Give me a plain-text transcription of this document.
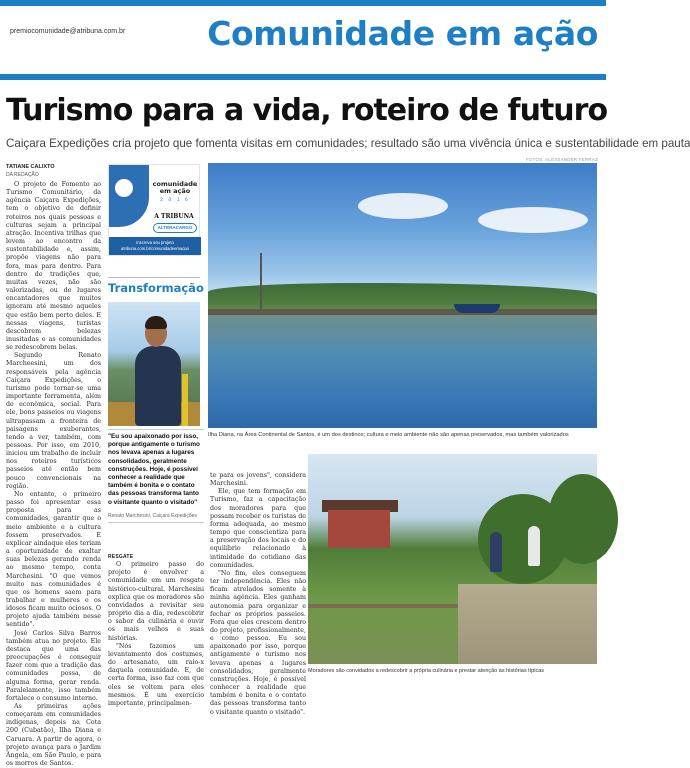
premiocomunidade@atribuna.com.br Comunidade em ação
Turismo para a vida, roteiro de futuro
Caiçara Expedições cria projeto que fomenta visitas em comunidades; resultado são uma vivência única e sustentabilidade em pauta
FOTOS: ALEXSANDER FERRAZ
TATIANE CALIXTO
DA REDAÇÃO

O projeto de Fomento ao Turismo Comunitário, da agência Caiçara Expedições, tem o objetivo de definir roteiros nos quais pessoas e culturas sejam a principal atração. Incentiva trilhas que levem ao encontro da sustentabilidade e, assim, propõe viagens não para fora, mas para dentro. Para dentro de tradições que, muitas vezes, não são valorizadas, ou de lugares encantadores que muitos ignoram até mesmo aqueles que estão bem perto deles. E nessas viagens, turistas descobrem belezas inusitadas e as comunidades se redescobrem belas.

Segundo Renato Marcheesini, um dos responsáveis pela agência Caiçara Expedições, o turismo pode tornar-se uma importante ferramenta, além de econômica, social. Para ele, bons passeios ou viagens ultrapassam a fronteira de paisagens exuberantes, tendo a ver, também, com pessoas. Por isso, em 2010, iniciou um trabalho de incluir nos roteiros turísticos passeios até então bem pouco convencionais na região.

No entanto, o primeiro passo foi apresentar essa proposta para as comunidades, garantir que o meio ambiente e a cultura fossem preservados. E explicar aindaque eles teriam a oportunidade de exaltar suas belezas gerando renda ao mesmo tempo, conta Marchesini. "O que vemos muito nas comunidades é que os homens saem para trabalhar e mulheres e os idosos ficam muito ociosos. O projeto ajuda também nesse sentido".

José Carlos Silva Barros também atua no projeto. Ele destaca que uma das preocupações é conseguir fazer com que a tradição das comunidades possa, de alguma forma, gerar renda. Paralelamente, isso também fortalece o consumo interno.

As primeiras ações começaram em comunidades indígenas, depois na Cota 200 (Cubatão), Ilha Diana e Caruara. A partir de agora, o projeto avança para o Jardim Ângela, em São Paulo, e para os morros de Santos.

comunidade em ação
2 0 1 6
A TRIBUNA
ALTERACARGO
Inscreva seu projeto atribuna.com.br/comunidadeemacao
Transformação
"Eu sou apaixonado por isso, porque antigamente o turismo nos levava apenas a lugares consolidados, geralmente construções. Hoje, é possível conhecer a realidade que também é bonita e o contato das pessoas transforma tanto o visitante quanto o visitado"
Renato Marchesini, Caiçara Expedições

RESGATE

O primeiro passo do projeto é envolver a comunidade em um resgate histórico-cultural. Marchesini explica que os moradores são convidados a revisitar seu próprio dia a dia, redescobrir o sabor da culinária e ouvir os mais velhos e suas histórias.

"Nós fazemos um levantamento dos costumes, do artesanato, um raio-x daquela comunidade. E, de certa forma, isso faz com que eles se voltem para eles mesmos. É um exercício importante, principalmen-

te para os jovens", considera Marchesini.

Ele, que tem formação em Turismo, faz a capacitação dos moradores para que possam receber os turistas de forma adequada, ao mesmo tempo que conscientiza para a preservação dos locais e do equilíbrio relacionado à intimidade do cotidiano das comunidades.

"No fim, eles conseguem ter independência. Eles não ficam atrelados somente à minha agência. Eles ganham autonomia para organizar e fechar os próprios passeios. Fora que eles crescem dentro do projeto, profissionalmente, e como pessoa. Eu sou apaixonado por isso, porque antigamente o turismo nos levava apenas a lugares consolidados, geralmente construções. Hoje, é possível conhecer a realidade que também é bonita e o contato das pessoas transforma tanto o visitante quanto o visitado".

Ilha Diana, na Área Continental de Santos, é um dos destinos; cultura e meio ambiente não são apenas preservados, mas também valorizados
Moradores são convidados a redescobrir a própria culinária e prestar atenção às histórias típicas
